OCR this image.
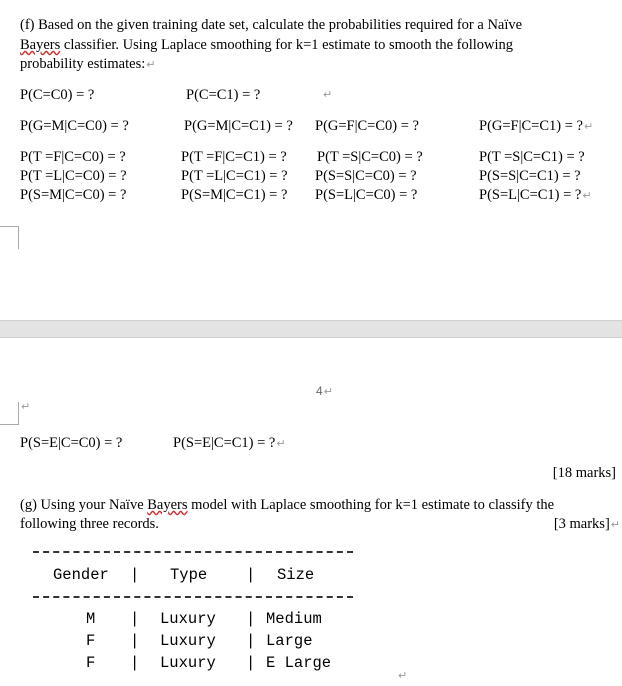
(f) Based on the given training date set, calculate the probabilities required for a Naïve
Bayers classifier. Using Laplace smoothing for k=1 estimate to smooth the following
probability estimates:↵
P(C=C0) = ?	P(C=C1) = ?	↵
P(G=M|C=C0) = ?	P(G=M|C=C1) = ? P(G=F|C=C0) = ?	P(G=F|C=C1) = ?↵
P(T =F|C=C0) = ?	P(T =F|C=C1) = ? P(T =S|C=C0) = ?	P(T =S|C=C1) = ?
P(T =L|C=C0) = ?	P(T =L|C=C1) = ? P(S=S|C=C0) = ?	P(S=S|C=C1) = ?
P(S=M|C=C0) = ?	P(S=M|C=C1) = ? P(S=L|C=C0) = ?	P(S=L|C=C1) = ?↵
4↵
↵
P(S=E|C=C0) = ?	P(S=E|C=C1) = ?↵
[18 marks]
(g) Using your Naïve Bayers model with Laplace smoothing for k=1 estimate to classify the
following three records.	[3 marks]↵
Gender | Type	| Size
M | Luxury | Medium
F | Luxury | Large
F | Luxury | E Large
↵
